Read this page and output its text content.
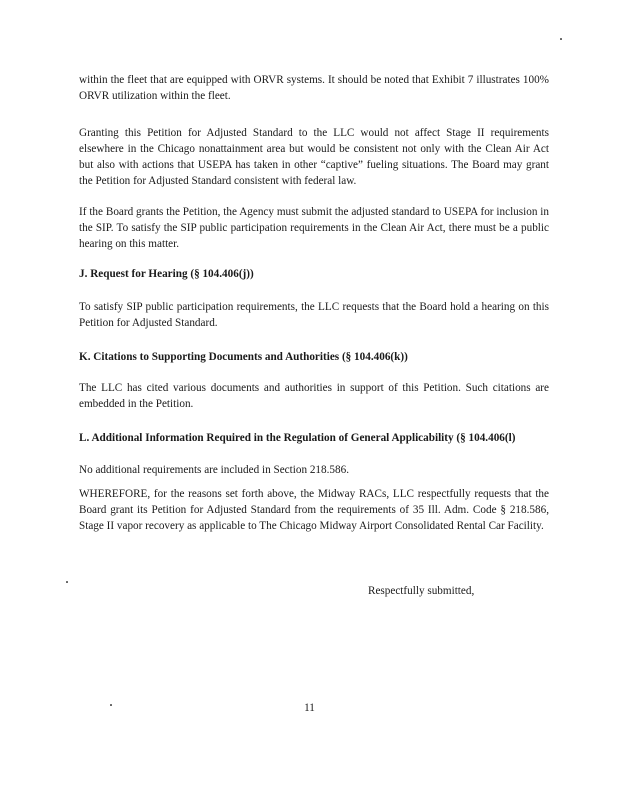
within the fleet that are equipped with ORVR systems. It should be noted that Exhibit 7 illustrates 100% ORVR utilization within the fleet.

Granting this Petition for Adjusted Standard to the LLC would not affect Stage II requirements elsewhere in the Chicago nonattainment area but would be consistent not only with the Clean Air Act but also with actions that USEPA has taken in other “captive” fueling situations. The Board may grant the Petition for Adjusted Standard consistent with federal law.

If the Board grants the Petition, the Agency must submit the adjusted standard to USEPA for inclusion in the SIP. To satisfy the SIP public participation requirements in the Clean Air Act, there must be a public hearing on this matter.

J. Request for Hearing (§ 104.406(j))

To satisfy SIP public participation requirements, the LLC requests that the Board hold a hearing on this Petition for Adjusted Standard.

K. Citations to Supporting Documents and Authorities (§ 104.406(k))

The LLC has cited various documents and authorities in support of this Petition. Such citations are embedded in the Petition.

L. Additional Information Required in the Regulation of General Applicability (§ 104.406(l)

No additional requirements are included in Section 218.586.

WHEREFORE, for the reasons set forth above, the Midway RACs, LLC respectfully requests that the Board grant its Petition for Adjusted Standard from the requirements of 35 Ill. Adm. Code § 218.586, Stage II vapor recovery as applicable to The Chicago Midway Airport Consolidated Rental Car Facility.

Respectfully submitted,
11
